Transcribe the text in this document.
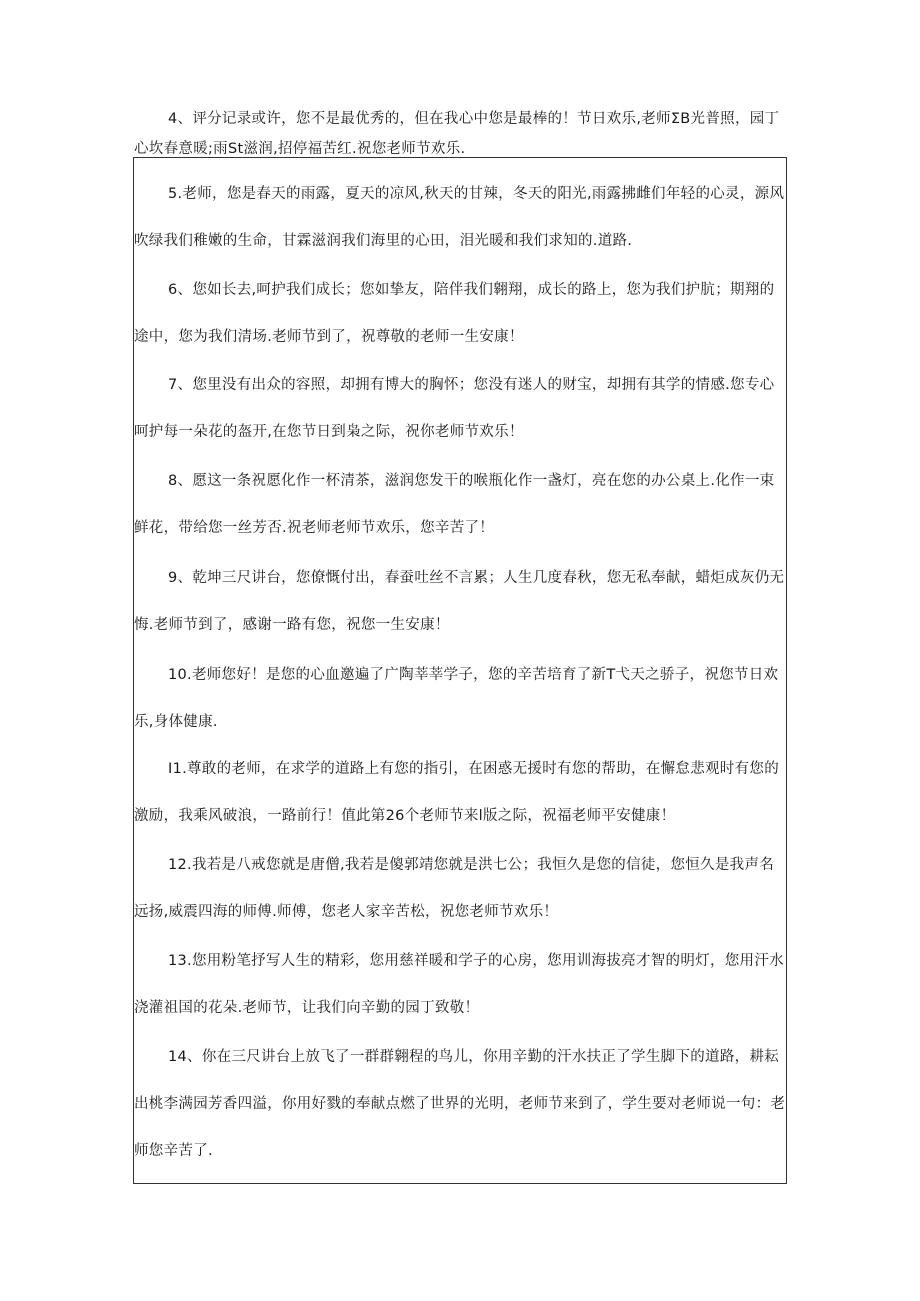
4、评分记录或许，您不是最优秀的，但在我心中您是最棒的！节日欢乐,老师ΣB光普照，园丁心坎春意暖;雨St滋润,招停福苦红.祝您老师节欢乐.

5.老师，您是春天的雨露，夏天的凉风,秋天的甘辣，冬天的阳光,雨露拂雌们年轻的心灵，源风吹绿我们稚嫩的生命，甘霖滋润我们海里的心田，泪光暖和我们求知的.道路.

6、您如长去,呵护我们成长；您如挚友，陪伴我们翱翔，成长的路上，您为我们护肮；期翔的途中，您为我们清场.老师节到了，祝尊敬的老师一生安康！

7、您里没有出众的容照，却拥有博大的胸怀；您没有迷人的财宝，却拥有其学的情感.您专心呵护每一朵花的盔开,在您节日到枭之际，祝你老师节欢乐！

8、愿这一条祝愿化作一杯清茶，滋润您发干的喉瓶化作一盏灯，亮在您的办公桌上.化作一束鲜花，带给您一丝芳否.祝老师老师节欢乐，您辛苦了！

9、乾坤三尺讲台，您僚慨付出，春蚕吐丝不言累；人生几度春秋，您无私奉献，蜡炬成灰仍无悔.老师节到了，感谢一路有您，祝您一生安康！

10.老师您好！是您的心血邀遍了广陶莘莘学子，您的辛苦培育了新T弋天之骄子，祝您节日欢乐,身体健康.

I1.尊敢的老师，在求学的道路上有您的指引，在困惑无援时有您的帮助，在懈怠悲观时有您的激励，我乘风破浪，一路前行！值此第26个老师节来l版之际，祝福老师平安健康！

12.我若是八戒您就是唐僧,我若是傻郭靖您就是洪七公；我恒久是您的信徒，您恒久是我声名远扬,威震四海的师傅.师傅，您老人家辛苦松，祝您老师节欢乐！

13.您用粉笔抒写人生的精彩，您用慈祥暖和学子的心房，您用训海拔亮才智的明灯，您用汗水浇灌祖国的花朵.老师节，让我们向辛勤的园丁致敬！

14、你在三尺讲台上放飞了一群群翱程的鸟儿，你用辛勤的汗水扶正了学生脚下的道路，耕耘出桃李满园芳香四溢，你用好戮的奉献点燃了世界的光明，老师节来到了，学生要对老师说一句：老师您辛苦了.
